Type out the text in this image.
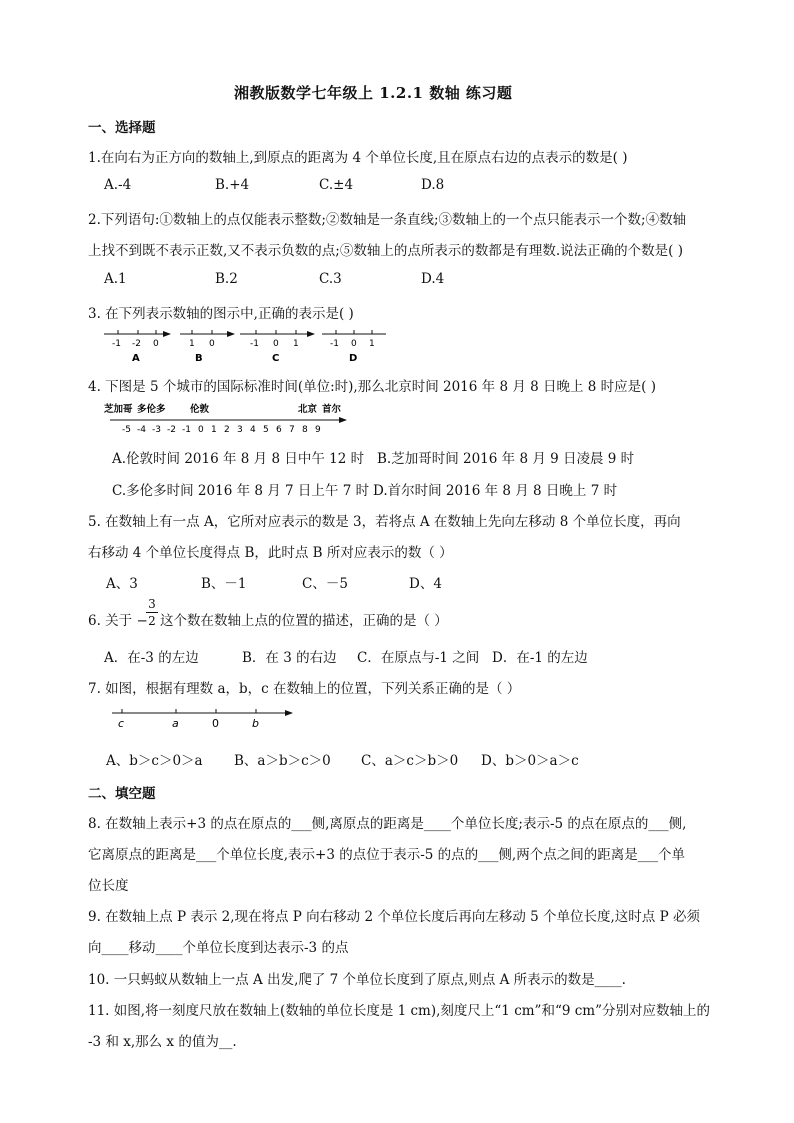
湘教版数学七年级上 1.2.1 数轴 练习题
一、选择题
1.在向右为正方向的数轴上,到原点的距离为 4 个单位长度,且在原点右边的点表示的数是( )
A.-4	B.+4	C.±4	D.8
2.下列语句:①数轴上的点仅能表示整数;②数轴是一条直线;③数轴上的一个点只能表示一个数;④数轴
上找不到既不表示正数,又不表示负数的点;⑤数轴上的点所表示的数都是有理数.说法正确的个数是( )
A.1	B.2	C.3	D.4
3. 在下列表示数轴的图示中,正确的表示是( )
-1 -2 0
A
1 0
B
-1 0 1
C
-1 0 1
D
4. 下图是 5 个城市的国际标准时间(单位:时),那么北京时间 2016 年 8 月 8 日晚上 8 时应是( )
芝加哥 多伦多	伦敦	北京 首尔
-5 -4 -3 -2 -1 0 1 2 3 4 5 6 7 8 9
A.伦敦时间 2016 年 8 月 8 日中午 12 时 B.芝加哥时间 2016 年 8 月 9 日凌晨 9 时
C.多伦多时间 2016 年 8 月 7 日上午 7 时 D.首尔时间 2016 年 8 月 8 日晚上 7 时
5. 在数轴上有一点 A，它所对应表示的数是 3，若将点 A 在数轴上先向左移动 8 个单位长度，再向
右移动 4 个单位长度得点 B，此时点 B 所对应表示的数（ ）
A、3	B、－1	C、－5	D、4
6. 关于 −
3
2 这个数在数轴上点的位置的描述，正确的是（ ）
A．在-3 的左边	B．在 3 的右边 C．在原点与-1 之间 D．在-1 的左边
7. 如图，根据有理数 a，b，c 在数轴上的位置，下列关系正确的是（ ）
c	a	0	b
A、b＞c＞0＞a B、a＞b＞c＞0 C、a＞c＞b＞0 D、b＞0＞a＞c
二、填空题
8. 在数轴上表示+3 的点在原点的___侧,离原点的距离是____个单位长度;表示-5 的点在原点的___侧,
它离原点的距离是___个单位长度,表示+3 的点位于表示-5 的点的___侧,两个点之间的距离是___个单
位长度
9. 在数轴上点 P 表示 2,现在将点 P 向右移动 2 个单位长度后再向左移动 5 个单位长度,这时点 P 必须
向____移动____个单位长度到达表示-3 的点
10. 一只蚂蚁从数轴上一点 A 出发,爬了 7 个单位长度到了原点,则点 A 所表示的数是____.
11. 如图,将一刻度尺放在数轴上(数轴的单位长度是 1 cm),刻度尺上“1 cm”和“9 cm”分别对应数轴上的
-3 和 x,那么 x 的值为__.
